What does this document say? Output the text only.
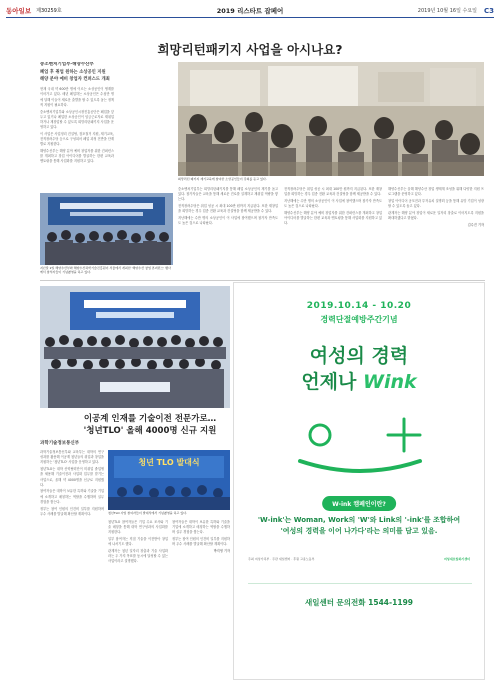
동아일보 제30259호	2019 리스타트 잡페어	2019년 10월 16일 수요일 C3
희망리턴패키지 사업을 아시나요?
중소벤처기업부·해양수산부
폐업 후 취업 원하는 소상공인 지원
해양 분야 예비 창업자 컨퍼스드 개최

현재 국내 약 600만 명에 이르는 소상공인이 생계를 이어가고 있다. 매년 폐업하는 소상공인은 수십만 명에 달해 이들이 새로운 출발을 할 수 있도록 돕는 정책적 지원이 필요하다.

중소벤처기업부와 소상공인시장진흥공단은 폐업을 앞두고 있거나 폐업한 소상공인이 임금근로자로 재취업하거나 재창업할 수 있도록 희망리턴패키지 사업을 운영하고 있다.

이 사업은 사업정리 컨설팅, 점포철거 지원, 재기교육, 전직장려수당 등으로 구성되어 폐업 과정 전반을 단계별로 지원한다.

해양수산부는 해양 분야 예비 창업자를 위한 컨퍼런스를 개최하고 창업 아이디어를 발굴하는 한편 교육과 멘토링을 통해 사업화를 지원하고 있다.

희망리턴 패키지 재기교육에 참여한 소상공인들이 강의를 듣고 있다.
지난달 2일 해양수산부와 해양수산과학기술진흥원이 서울에서 개최한 '해양수산 창업 콘퍼런스' 행사에서 참석자들이 기념촬영을 하고 있다.

중소벤처기업부는 희망리턴패키지를 통해 폐업 소상공인의 재기를 돕고 있다. 참가자들은 교육을 통해 새로운 진로를 설계하고 재취업 역량을 쌓는다.

전직장려수당은 취업 성공 시 최대 100만 원까지 지급된다. 또한 재창업을 희망하는 경우 업종 전환 교육과 컨설팅을 함께 제공받을 수 있다.

지난해에는 수만 명의 소상공인이 이 사업에 참여했으며 참가자 만족도도 높은 것으로 나타났다.

전직장려수당은 취업 성공 시 최대 100만 원까지 지급된다. 또한 재창업을 희망하는 경우 업종 전환 교육과 컨설팅을 함께 제공받을 수 있다.

지난해에는 수만 명의 소상공인이 이 사업에 참여했으며 참가자 만족도도 높은 것으로 나타났다.

해양수산부는 해양 분야 예비 창업자를 위한 컨퍼런스를 개최하고 창업 아이디어를 발굴하는 한편 교육과 멘토링을 통해 사업화를 지원하고 있다.

해양수산부는 올해 해양수산 창업 생태계 조성을 위해 다양한 지원 프로그램을 운영하고 있다.

창업 아이디어 공모전과 투자유치 설명회 등을 통해 유망 기업이 성장할 수 있도록 돕고 있다.

관계자는 해양 분야 창업이 새로운 일자리 창출로 이어지도록 지원을 확대하겠다고 밝혔다.

김수진 기자

이공계 인재를 기술이전 전문가로…
'청년TLO' 올해 4000명 신규 지원
과학기술정보통신부

과학기술정보통신부와 교육부는 대학의 연구성과를 활용해 이공계 청년들의 취업과 창업을 지원하는 '청년TLO' 사업을 운영하고 있다.

청년TLO는 대학 산학협력단이 미취업 졸업생을 채용해 기술이전과 사업화 업무를 맡기는 사업으로, 올해 약 4000명을 신규로 지원했다.

참여자들은 대학이 보유한 특허와 기술을 기업에 소개하고 매칭하는 역할을 수행하며 실무 경험을 쌓는다.

정부는 참여 인원의 인건비 일부를 지원하며 우수 사례를 발굴해 확산할 계획이다.

청년 TLO 발대식
청년TLO 사업 참여자들이 발대식에서 기념촬영을 하고 있다.

청년TLO 참여자들은 기업 수요 조사와 기술 매칭을 통해 대학 연구성과의 사업화를 지원한다.

일부 참여자는 직접 기술을 이전받아 창업에 나서기도 했다.

관계자는 청년 일자리 창출과 기술 사업화라는 두 가지 목표를 동시에 달성할 수 있는 사업이라고 설명했다.

참여자들은 대학이 보유한 특허와 기술을 기업에 소개하고 매칭하는 역할을 수행하며 실무 경험을 쌓는다.

정부는 참여 인원의 인건비 일부를 지원하며 우수 사례를 발굴해 확산할 계획이다.

박지영 기자

2019.10.14 - 10.20
경력단절예방주간기념
여성의 경력
언제나 Wink
W-ink 캠페인이란?
'W-ink'는 Woman, Work의 'W'와 Link의 '-ink'를 조합하여
'여성의 경력을 이어 나가다'라는 의미를 담고 있음.
주최 여성가족부 · 주관 새일센터 · 후원 고용노동부	여성새로일하기센터
새일센터 문의전화 1544-1199
